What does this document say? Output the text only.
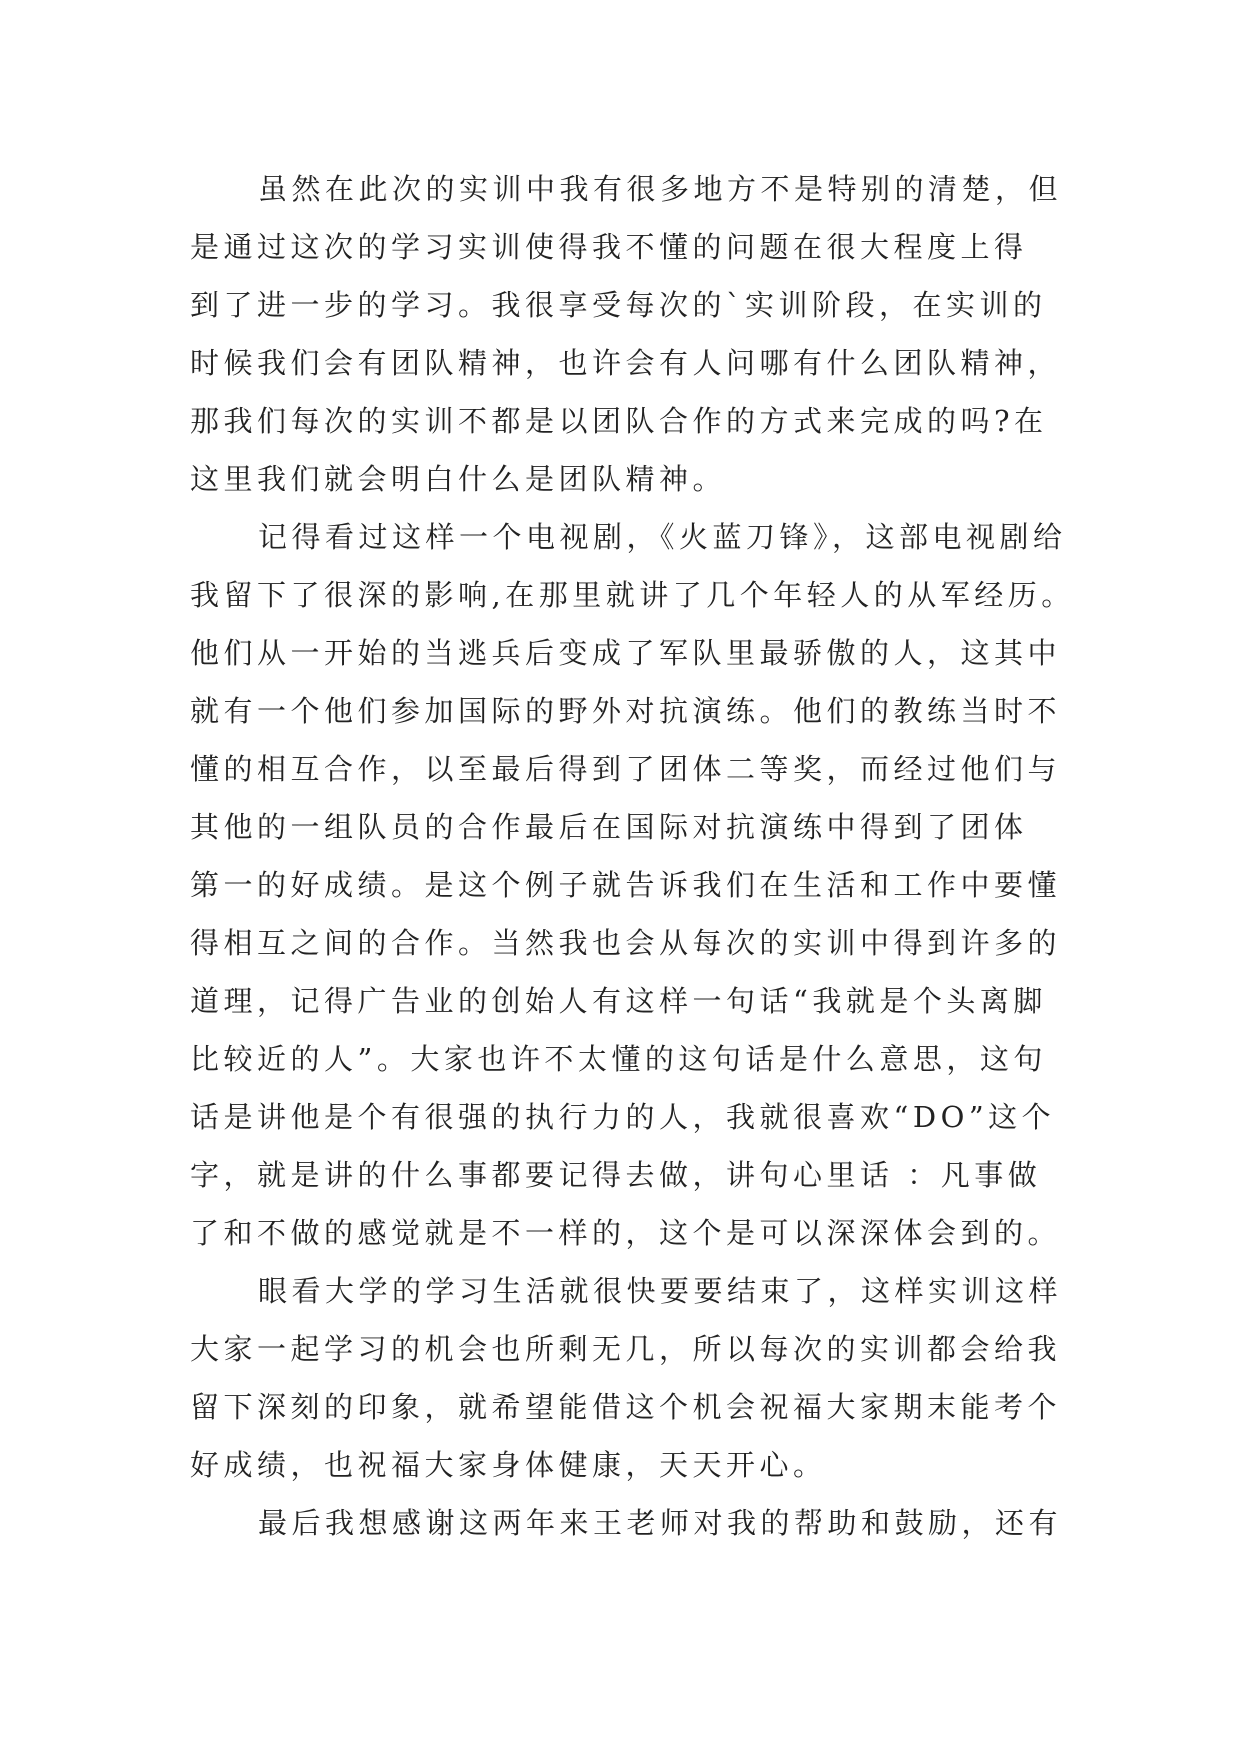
虽然在此次的实训中我有很多地方不是特别的清楚，但
是通过这次的学习实训使得我不懂的问题在很大程度上得
到了进一步的学习。我很享受每次的`实训阶段，在实训的
时候我们会有团队精神，也许会有人问哪有什么团队精神，
那我们每次的实训不都是以团队合作的方式来完成的吗?在
这里我们就会明白什么是团队精神。
记得看过这样一个电视剧，《火蓝刀锋》，这部电视剧给
我留下了很深的影响,在那里就讲了几个年轻人的从军经历。
他们从一开始的当逃兵后变成了军队里最骄傲的人，这其中
就有一个他们参加国际的野外对抗演练。他们的教练当时不
懂的相互合作，以至最后得到了团体二等奖，而经过他们与
其他的一组队员的合作最后在国际对抗演练中得到了团体
第一的好成绩。是这个例子就告诉我们在生活和工作中要懂
得相互之间的合作。当然我也会从每次的实训中得到许多的
道理，记得广告业的创始人有这样一句话“我就是个头离脚
比较近的人”。大家也许不太懂的这句话是什么意思，这句
话是讲他是个有很强的执行力的人，我就很喜欢“DO”这个
字，就是讲的什么事都要记得去做，讲句心里话 ：凡事做
了和不做的感觉就是不一样的，这个是可以深深体会到的。
眼看大学的学习生活就很快要要结束了，这样实训这样
大家一起学习的机会也所剩无几，所以每次的实训都会给我
留下深刻的印象，就希望能借这个机会祝福大家期末能考个
好成绩，也祝福大家身体健康，天天开心。
最后我想感谢这两年来王老师对我的帮助和鼓励，还有
